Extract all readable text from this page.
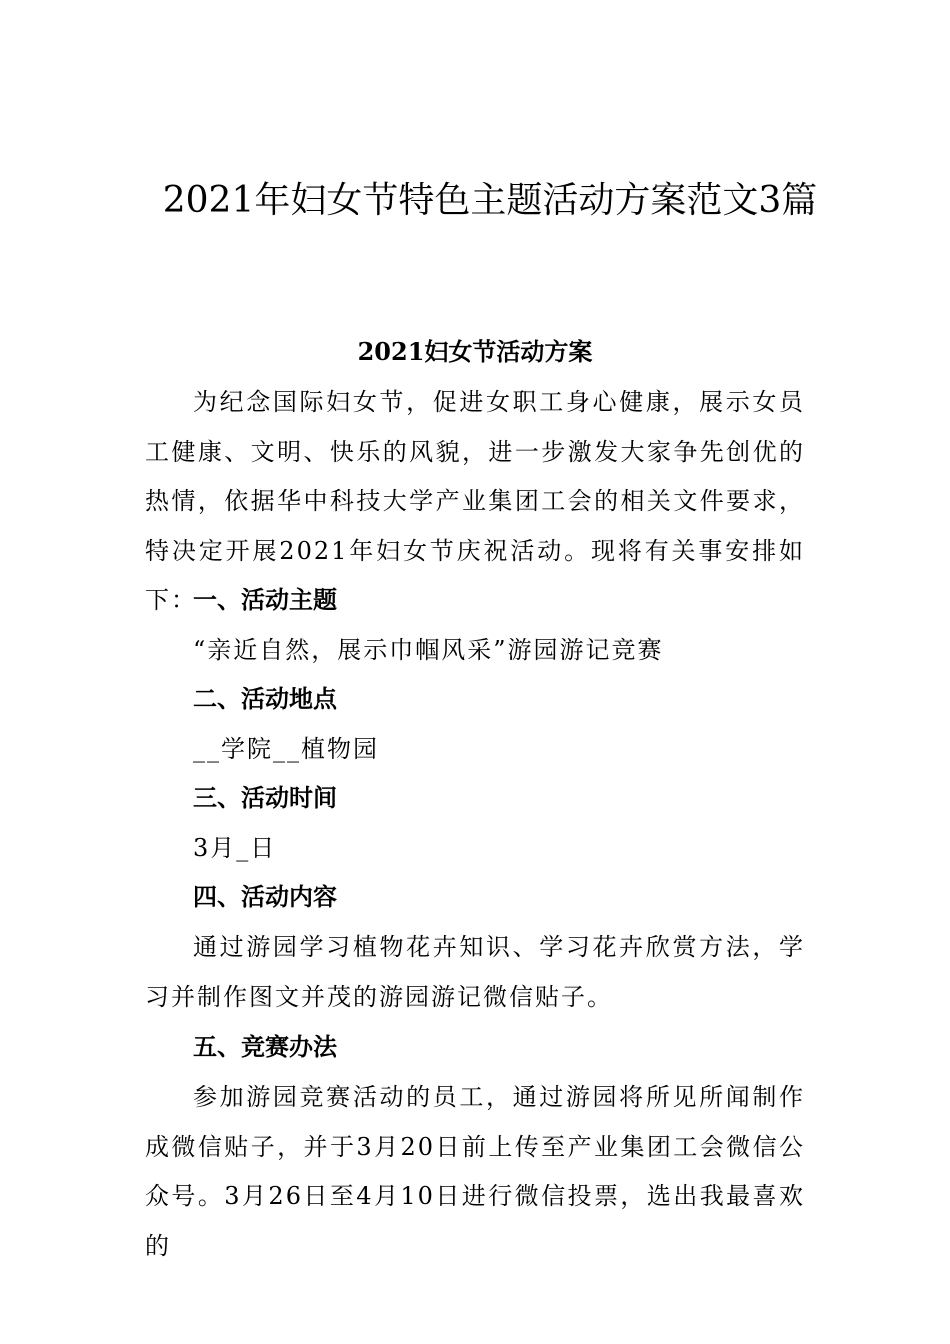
2021年妇女节特色主题活动方案范文3篇
2021妇女节活动方案

为纪念国际妇女节，促进女职工身心健康，展示女员工健康、文明、快乐的风貌，进一步激发大家争先创优的热情，依据华中科技大学产业集团工会的相关文件要求，特决定开展2021年妇女节庆祝活动。现将有关事安排如下：

一、活动主题

“亲近自然，展示巾帼风采”游园游记竞赛

二、活动地点

__学院__植物园

三、活动时间

3月_日

四、活动内容

通过游园学习植物花卉知识、学习花卉欣赏方法，学习并制作图文并茂的游园游记微信贴子。

五、竞赛办法

参加游园竞赛活动的员工，通过游园将所见所闻制作成微信贴子，并于3月20日前上传至产业集团工会微信公众号。3月26日至4月10日进行微信投票，选出我最喜欢的
